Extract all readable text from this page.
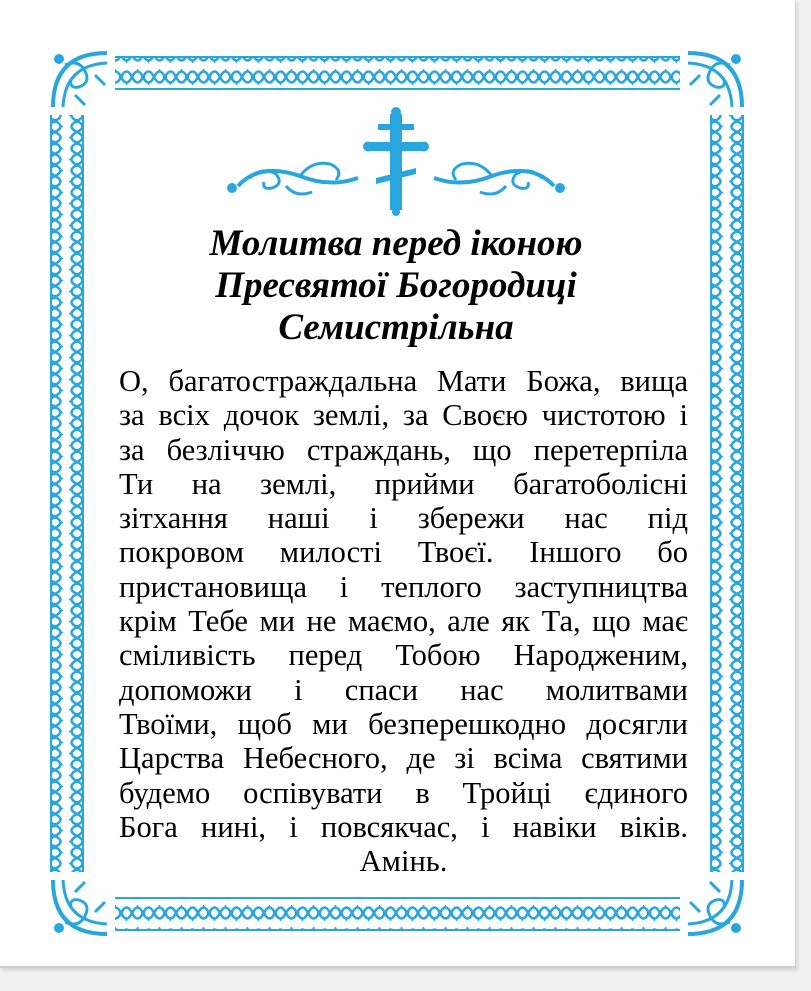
Молитва перед іконою
Пресвятої Богородиці
Семистрільна
О, багатостраждальна Мати Божа, вища
за всіх дочок землі, за Своєю чистотою і
за безліччю страждань, що перетерпіла
Ти на землі, прийми багатоболісні
зітхання наші і збережи нас під
покровом милості Твоєї. Іншого бо
пристановища і теплого заступництва
крім Тебе ми не маємо, але як Та, що має
сміливість перед Тобою Народженим,
допоможи і спаси нас молитвами
Твоїми, щоб ми безперешкодно досягли
Царства Небесного, де зі всіма святими
будемо оспівувати в Тройці єдиного
Бога нині, і повсякчас, і навіки віків.
Амінь.
